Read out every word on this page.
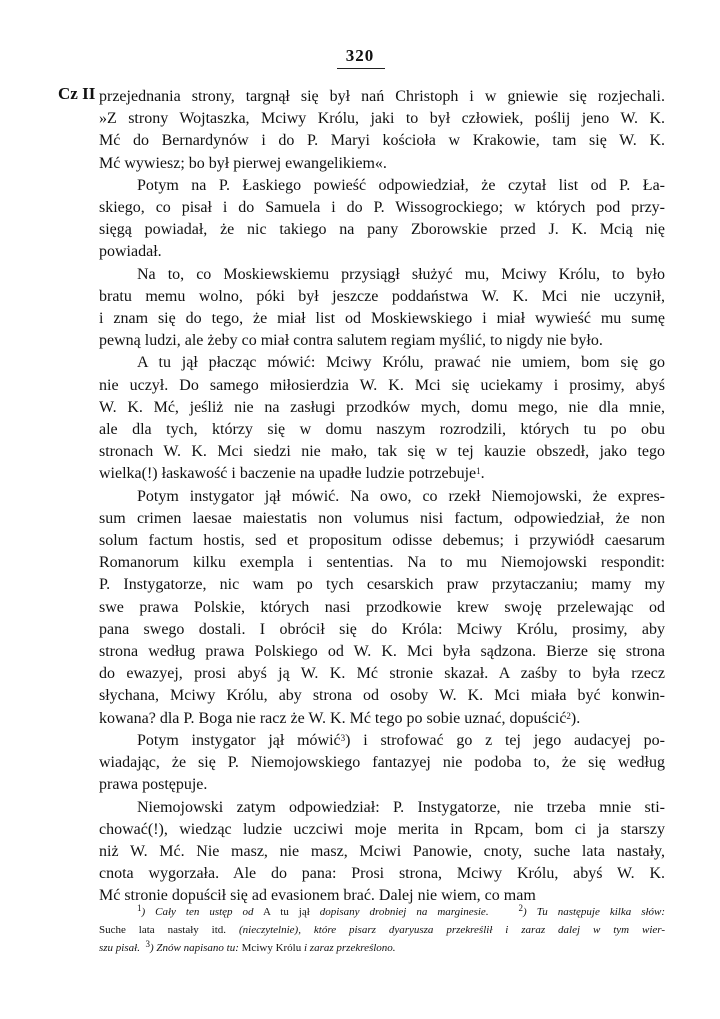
320
Cz II przejednania strony, targnął się był nań Christoph i w gniewie się rozjechali.
»Z strony Wojtaszka, Mciwy Królu, jaki to był człowiek, poślij jeno W. K.
Mć do Bernardynów i do P. Maryi kościoła w Krakowie, tam się W. K.
Mć wywiesz; bo był pierwej ewangelikiem«.
Potym na P. Łaskiego powieść odpowiedział, że czytał list od P. Ła-
skiego, co pisał i do Samuela i do P. Wissogrockiego; w których pod przy-
sięgą powiadał, że nic takiego na pany Zborowskie przed J. K. Mcią nię
powiadał.
Na to, co Moskiewskiemu przysiągł służyć mu, Mciwy Królu, to było
bratu memu wolno, póki był jeszcze poddaństwa W. K. Mci nie uczynił,
i znam się do tego, że miał list od Moskiewskiego i miał wywieść mu sumę
pewną ludzi, ale żeby co miał contra salutem regiam myślić, to nigdy nie było.
A tu jął płacząc mówić: Mciwy Królu, prawać nie umiem, bom się go
nie uczył. Do samego miłosierdzia W. K. Mci się uciekamy i prosimy, abyś
W. K. Mć, jeśliż nie na zasługi przodków mych, domu mego, nie dla mnie,
ale dla tych, którzy się w domu naszym rozrodzili, których tu po obu
stronach W. K. Mci siedzi nie mało, tak się w tej kauzie obszedł, jako tego
wielka(!) łaskawość i baczenie na upadłe ludzie potrzebuje$^1$.
Potym instygator jął mówić. Na owo, co rzekł Niemojowski, że expres-
sum crimen laesae maiestatis non volumus nisi factum, odpowiedział, że non
solum factum hostis, sed et propositum odisse debemus; i przywiódł caesarum
Romanorum kilku exempla i sententias. Na to mu Niemojowski respondit:
P. Instygatorze, nic wam po tych cesarskich praw przytaczaniu; mamy my
swe prawa Polskie, których nasi przodkowie krew swoję przelewając od
pana swego dostali. I obrócił się do Króla: Mciwy Królu, prosimy, aby
strona według prawa Polskiego od W. K. Mci była sądzona. Bierze się strona
do ewazyej, prosi abyś ją W. K. Mć stronie skazał. A zaśby to była rzecz
słychana, Mciwy Królu, aby strona od osoby W. K. Mci miała być konwin-
kowana? dla P. Boga nie racz że W. K. Mć tego po sobie uznać, dopuścić$^2$).
Potym instygator jął mówić$^3$) i strofować go z tej jego audacyej po-
wiadając, że się P. Niemojowskiego fantazyej nie podoba to, że się według
prawa postępuje.
Niemojowski zatym odpowiedział: P. Instygatorze, nie trzeba mnie sti-
chować(!), wiedząc ludzie uczciwi moje merita in Rpcam, bom ci ja starszy
niż W. Mć. Nie masz, nie masz, Mciwi Panowie, cnoty, suche lata nastały,
cnota wygorzała. Ale do pana: Prosi strona, Mciwy Królu, abyś W. K.
Mć stronie dopuścił się ad evasionem brać. Dalej nie wiem, co mam
$^1$) Cały ten ustęp od A tu jął dopisany drobniej na marginesie.	$^2$) Tu następuje kilka słów:
Suche lata nastały itd. (nieczytelnie), które pisarz dyaryusza przekreślił i zaraz dalej w tym wier-
szu pisał. $^3$) Znów napisano tu: Mciwy Królu i zaraz przekreślono.
